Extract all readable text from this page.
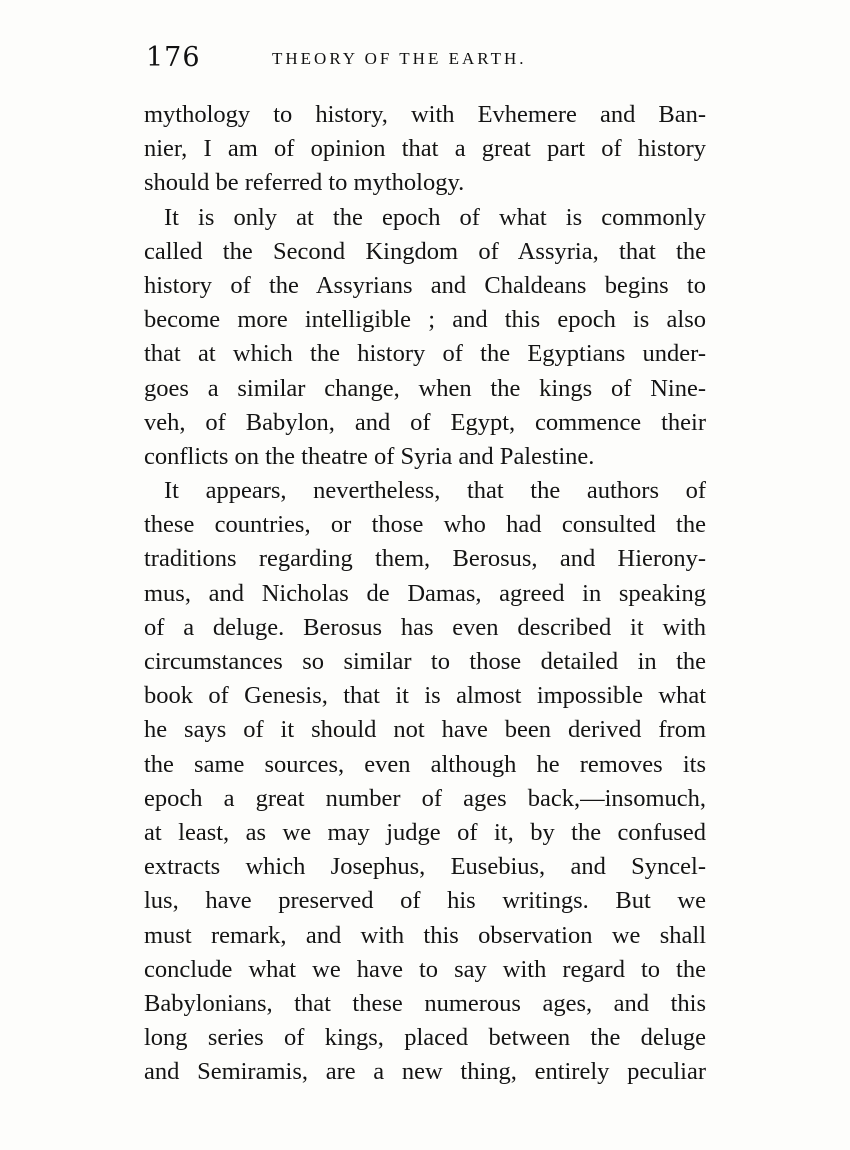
176	THEORY OF THE EARTH.
mythology to history, with Evhemere and Ban-
nier, I am of opinion that a great part of history
should be referred to mythology.
It is only at the epoch of what is commonly
called the Second Kingdom of Assyria, that the
history of the Assyrians and Chaldeans begins to
become more intelligible ; and this epoch is also
that at which the history of the Egyptians under-
goes a similar change, when the kings of Nine-
veh, of Babylon, and of Egypt, commence their
conflicts on the theatre of Syria and Palestine.
It appears, nevertheless, that the authors of
these countries, or those who had consulted the
traditions regarding them, Berosus, and Hierony-
mus, and Nicholas de Damas, agreed in speaking
of a deluge. Berosus has even described it with
circumstances so similar to those detailed in the
book of Genesis, that it is almost impossible what
he says of it should not have been derived from
the same sources, even although he removes its
epoch a great number of ages back,—insomuch,
at least, as we may judge of it, by the confused
extracts which Josephus, Eusebius, and Syncel-
lus, have preserved of his writings. But we
must remark, and with this observation we shall
conclude what we have to say with regard to the
Babylonians, that these numerous ages, and this
long series of kings, placed between the deluge
and Semiramis, are a new thing, entirely peculiar
